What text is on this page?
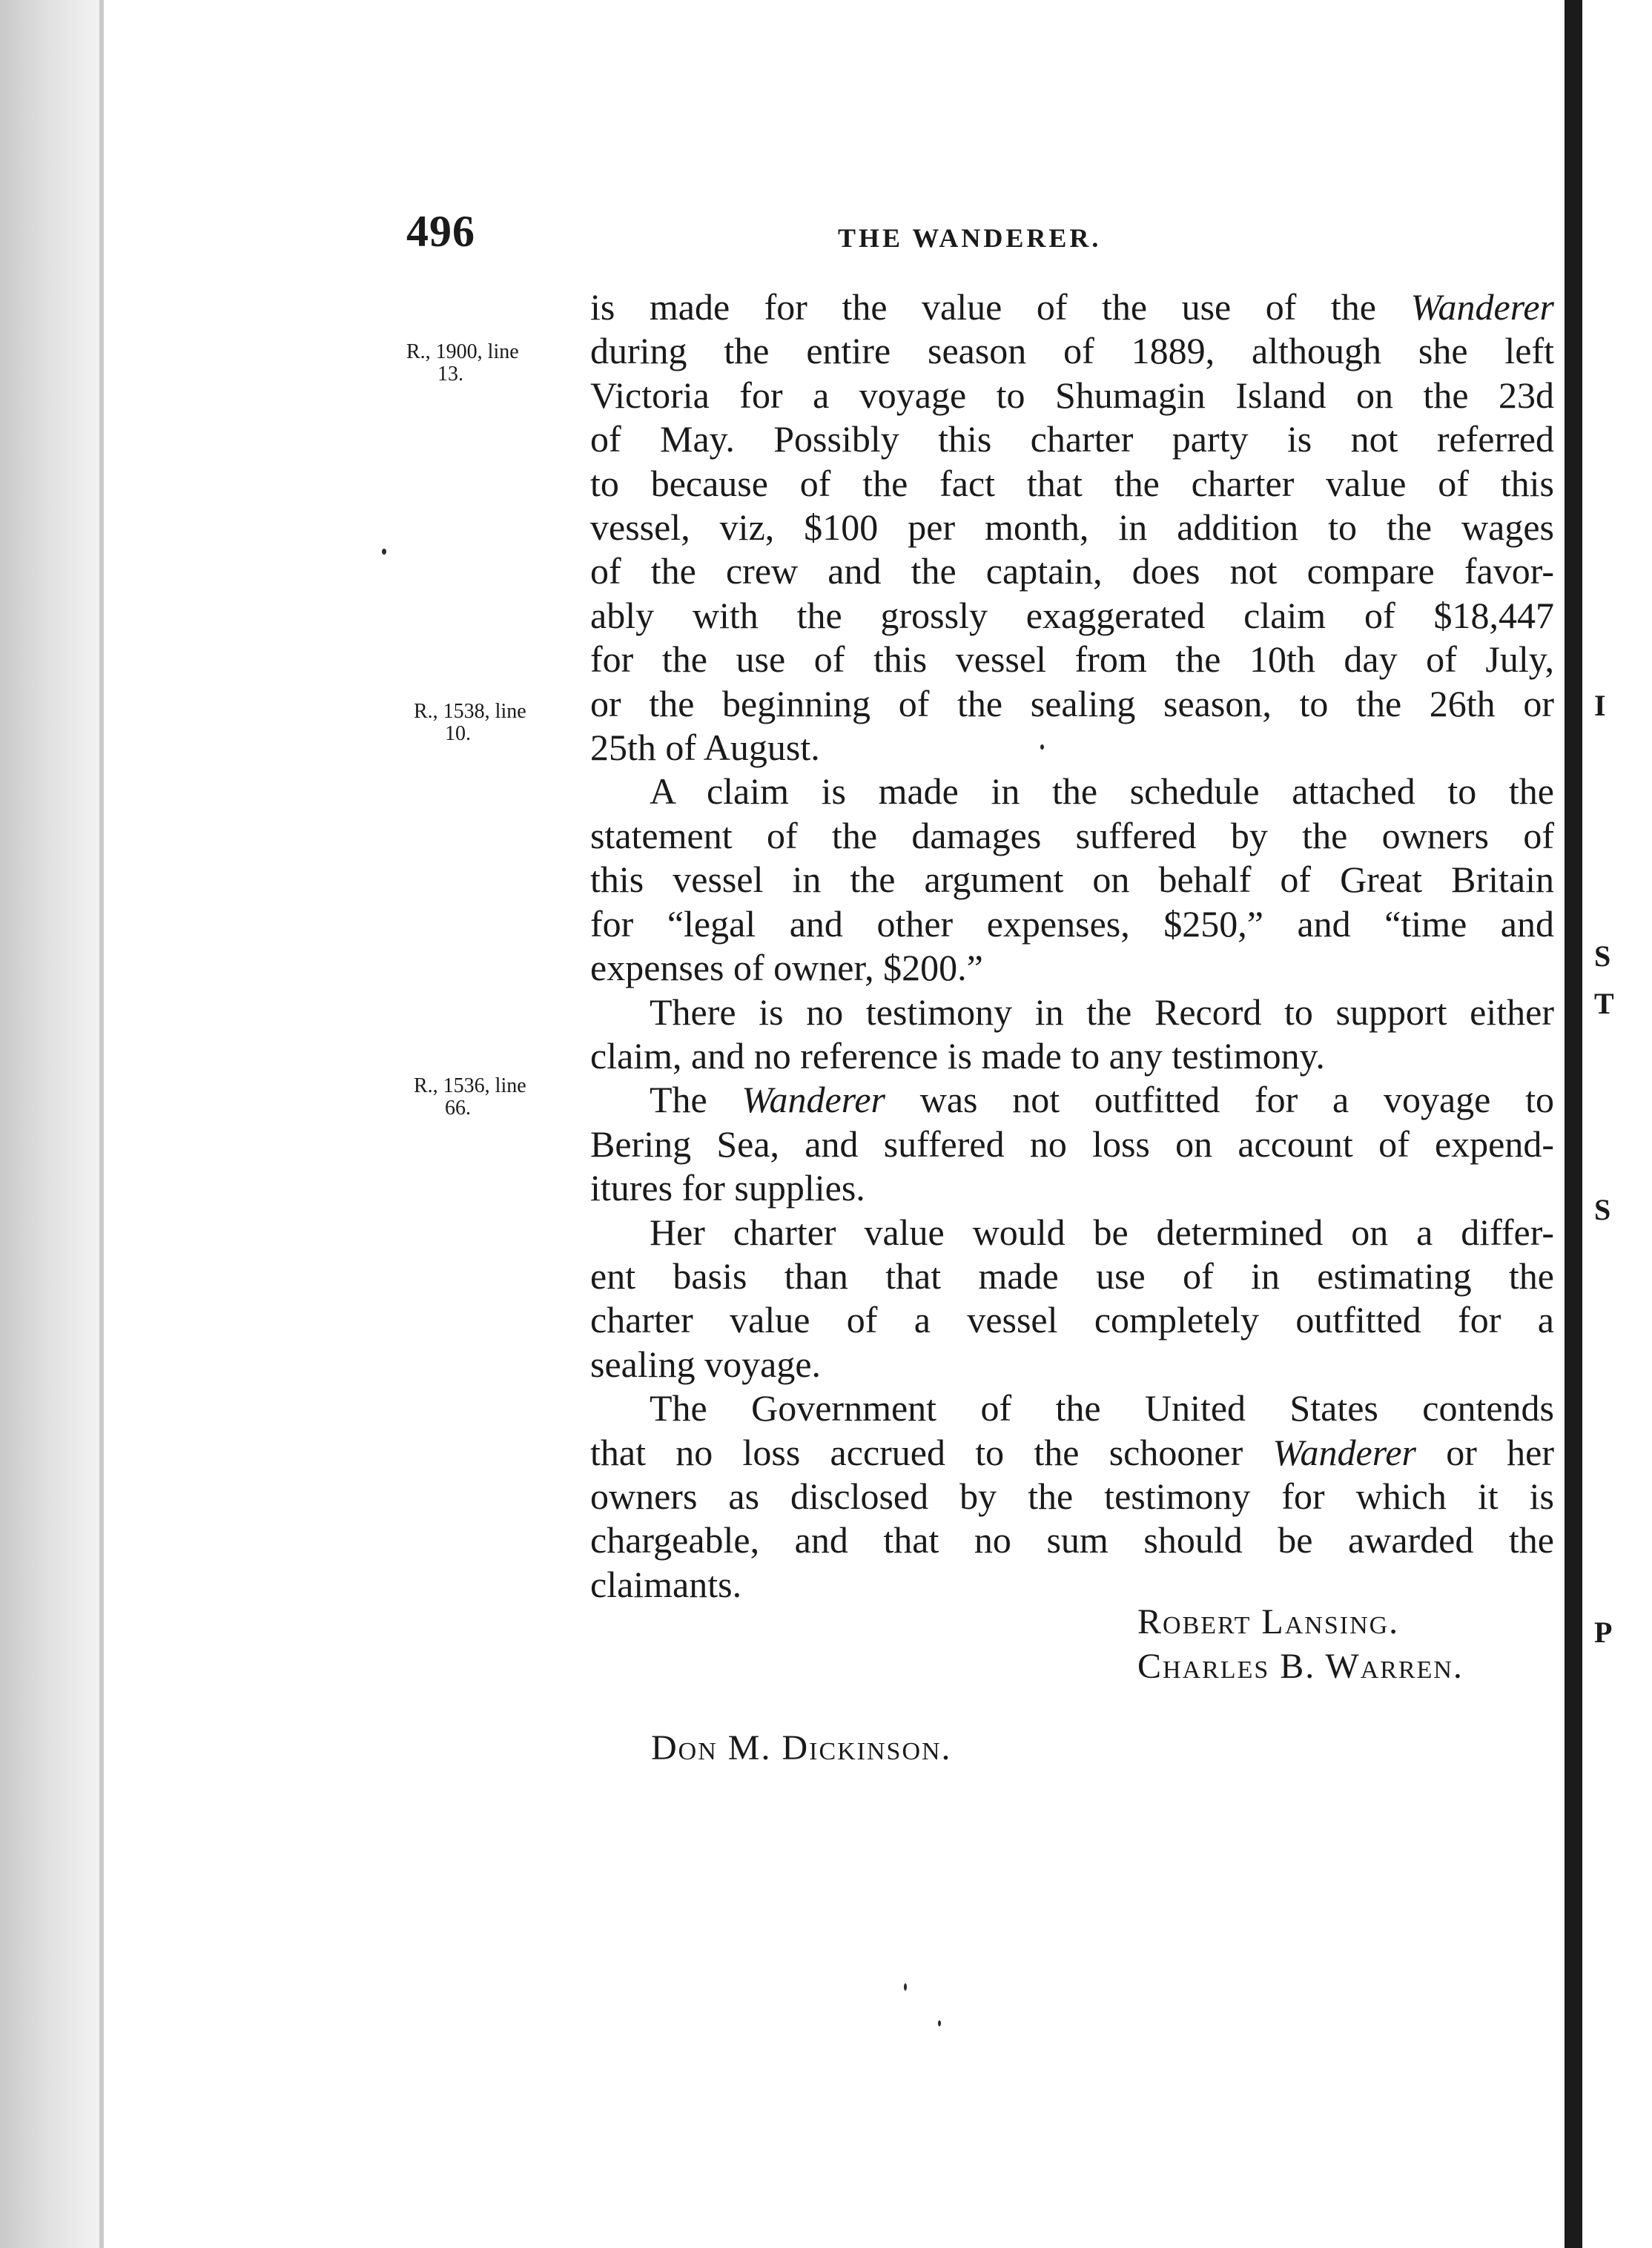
I
S
T
S
P
496	THE WANDERER.
R., 1900, line
13.
R., 1538, line
10.
R., 1536, line
66.
is made for the value of the use of the Wanderer
during the entire season of 1889, although she left
Victoria for a voyage to Shumagin Island on the 23d
of May. Possibly this charter party is not referred
to because of the fact that the charter value of this
vessel, viz, $100 per month, in addition to the wages
of the crew and the captain, does not compare favor-
ably with the grossly exaggerated claim of $18,447
for the use of this vessel from the 10th day of July,
or the beginning of the sealing season, to the 26th or
25th of August.
A claim is made in the schedule attached to the
statement of the damages suffered by the owners of
this vessel in the argument on behalf of Great Britain
for “legal and other expenses, $250,” and “time and
expenses of owner, $200.”
There is no testimony in the Record to support either
claim, and no reference is made to any testimony.
The Wanderer was not outfitted for a voyage to
Bering Sea, and suffered no loss on account of expend-
itures for supplies.
Her charter value would be determined on a differ-
ent basis than that made use of in estimating the
charter value of a vessel completely outfitted for a
sealing voyage.
The Government of the United States contends
that no loss accrued to the schooner Wanderer or her
owners as disclosed by the testimony for which it is
chargeable, and that no sum should be awarded the
claimants.
Robert Lansing.
Charles B. Warren.
Don M. Dickinson.
